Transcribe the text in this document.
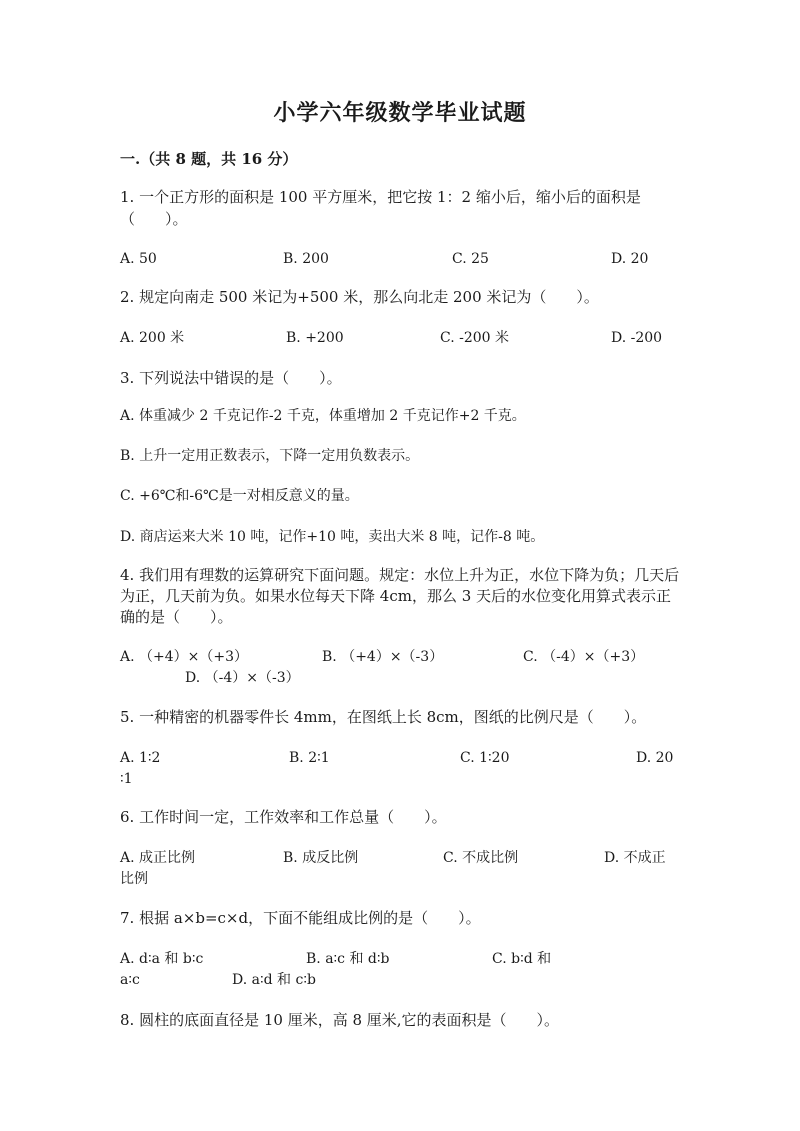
小学六年级数学毕业试题
一.（共 8 题，共 16 分）

1. 一个正方形的面积是 100 平方厘米，把它按 1：2 缩小后，缩小后的面积是（　　）。

A. 50	B. 200	C. 25	D. 20

2. 规定向南走 500 米记为+500 米，那么向北走 200 米记为（　　）。

A. 200 米	B. +200	C. -200 米	D. -200

3. 下列说法中错误的是（　　）。

A. 体重减少 2 千克记作-2 千克，体重增加 2 千克记作+2 千克。
B. 上升一定用正数表示，下降一定用负数表示。
C. +6℃和-6℃是一对相反意义的量。
D. 商店运来大米 10 吨，记作+10 吨，卖出大米 8 吨，记作-8 吨。

4. 我们用有理数的运算研究下面问题。规定：水位上升为正，水位下降为负；几天后为正，几天前为负。如果水位每天下降 4cm，那么 3 天后的水位变化用算式表示正确的是（　　）。

A. （+4）×（+3）	B. （+4）×（-3）	C. （-4）×（+3）
D. （-4）×（-3）

5. 一种精密的机器零件长 4mm，在图纸上长 8cm，图纸的比例尺是（　　）。

A. 1∶2	B. 2∶1	C. 1∶20	D. 20
∶1

6. 工作时间一定，工作效率和工作总量（　　）。

A. 成正比例	B. 成反比例	C. 不成比例	D. 不成正
比例

7. 根据 a×b=c×d，下面不能组成比例的是（　　）。

A. d∶a 和 b∶c	B. a∶c 和 d∶b	C. b∶d 和
a∶c	D. a∶d 和 c∶b

8. 圆柱的底面直径是 10 厘米，高 8 厘米,它的表面积是（　　）。
